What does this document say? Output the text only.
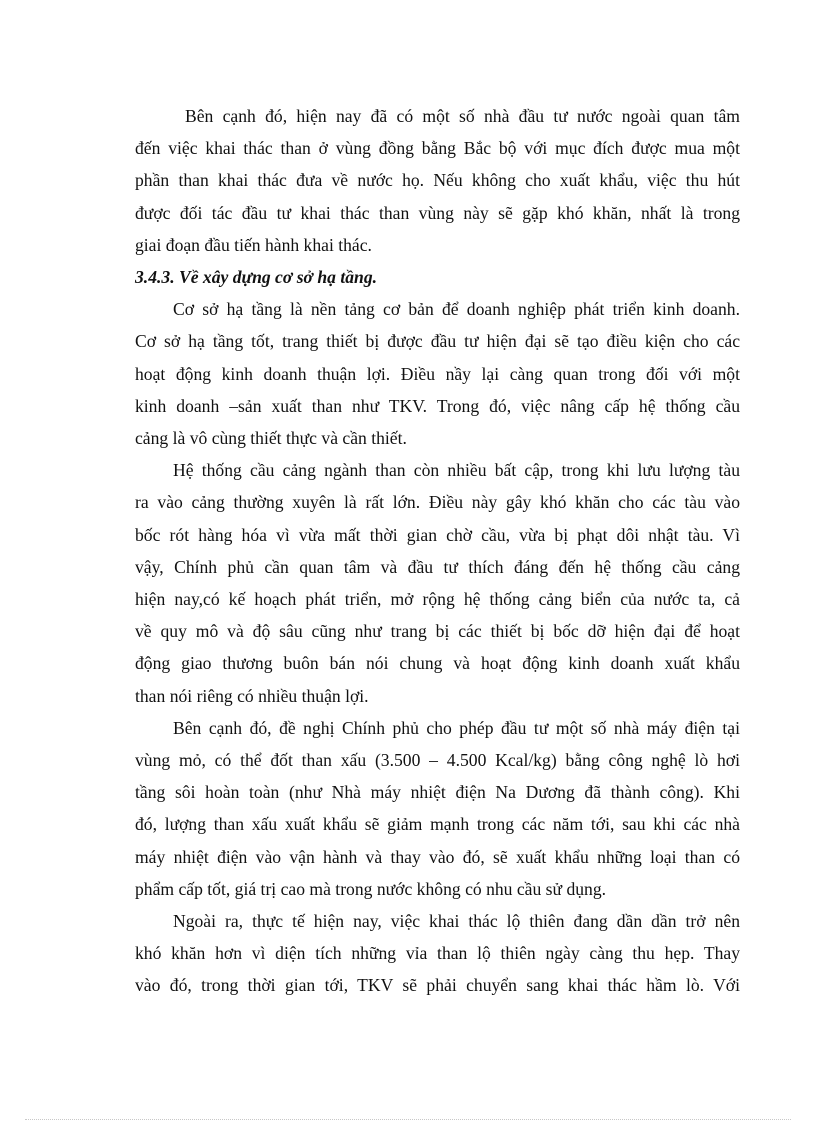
Bên cạnh đó, hiện nay đã có một số nhà đầu tư nước ngoài quan tâm
đến việc khai thác than ở vùng đồng bằng Bắc bộ với mục đích được mua một
phần than khai thác đưa về nước họ. Nếu không cho xuất khẩu, việc thu hút
được đối tác đầu tư khai thác than vùng này sẽ gặp khó khăn, nhất là trong
giai đoạn đầu tiến hành khai thác.
3.4.3. Về xây dựng cơ sở hạ tầng.
Cơ sở hạ tầng là nền tảng cơ bản để doanh nghiệp phát triển kinh doanh.
Cơ sở hạ tầng tốt, trang thiết bị được đầu tư hiện đại sẽ tạo điều kiện cho các
hoạt động kinh doanh thuận lợi. Điều nầy lại càng quan trong đối với một
kinh doanh –sản xuất than như TKV. Trong đó, việc nâng cấp hệ thống cầu
cảng là vô cùng thiết thực và cần thiết.
Hệ thống cầu cảng ngành than còn nhiều bất cập, trong khi lưu lượng tàu
ra vào cảng thường xuyên là rất lớn. Điều này gây khó khăn cho các tàu vào
bốc rót hàng hóa vì vừa mất thời gian chờ cầu, vừa bị phạt dôi nhật tàu. Vì
vậy, Chính phủ cần quan tâm và đầu tư thích đáng đến hệ thống cầu cảng
hiện nay,có kế hoạch phát triển, mở rộng hệ thống cảng biển của nước ta, cả
về quy mô và độ sâu cũng như trang bị các thiết bị bốc dỡ hiện đại để hoạt
động giao thương buôn bán nói chung và hoạt động kinh doanh xuất khẩu
than nói riêng có nhiều thuận lợi.
Bên cạnh đó, đề nghị Chính phủ cho phép đầu tư một số nhà máy điện tại
vùng mỏ, có thể đốt than xấu (3.500 – 4.500 Kcal/kg) bằng công nghệ lò hơi
tầng sôi hoàn toàn (như Nhà máy nhiệt điện Na Dương đã thành công). Khi
đó, lượng than xấu xuất khẩu sẽ giảm mạnh trong các năm tới, sau khi các nhà
máy nhiệt điện vào vận hành và thay vào đó, sẽ xuất khẩu những loại than có
phẩm cấp tốt, giá trị cao mà trong nước không có nhu cầu sử dụng.
Ngoài ra, thực tế hiện nay, việc khai thác lộ thiên đang dần dần trở nên
khó khăn hơn vì diện tích những vỉa than lộ thiên ngày càng thu hẹp. Thay
vào đó, trong thời gian tới, TKV sẽ phải chuyển sang khai thác hầm lò. Với
